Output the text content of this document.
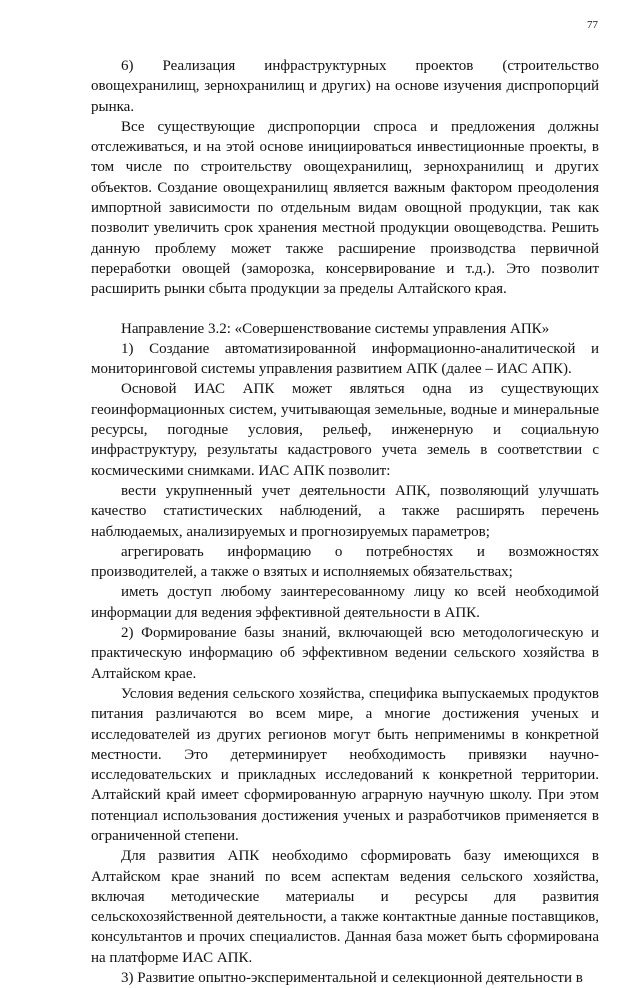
77

6) Реализация инфраструктурных проектов (строительство овощехранилищ, зернохранилищ и других) на основе изучения диспропорций рынка.

Все существующие диспропорции спроса и предложения должны отслеживаться, и на этой основе инициироваться инвестиционные проекты, в том числе по строительству овощехранилищ, зернохранилищ и других объектов. Создание овощехранилищ является важным фактором преодоления импортной зависимости по отдельным видам овощной продукции, так как позволит увеличить срок хранения местной продукции овощеводства. Решить данную проблему может также расширение производства первичной переработки овощей (заморозка, консервирование и т.д.). Это позволит расширить рынки сбыта продукции за пределы Алтайского края.

Направление 3.2: «Совершенствование системы управления АПК»

1) Создание автоматизированной информационно-аналитической и мониторинговой системы управления развитием АПК (далее – ИАС АПК).

Основой ИАС АПК может являться одна из существующих геоинформационных систем, учитывающая земельные, водные и минеральные ресурсы, погодные условия, рельеф, инженерную и социальную инфраструктуру, результаты кадастрового учета земель в соответствии с космическими снимками. ИАС АПК позволит:

вести укрупненный учет деятельности АПК, позволяющий улучшать качество статистических наблюдений, а также расширять перечень наблюдаемых, анализируемых и прогнозируемых параметров;

агрегировать информацию о потребностях и возможностях производителей, а также о взятых и исполняемых обязательствах;

иметь доступ любому заинтересованному лицу ко всей необходимой информации для ведения эффективной деятельности в АПК.

2) Формирование базы знаний, включающей всю методологическую и практическую информацию об эффективном ведении сельского хозяйства в Алтайском крае.

Условия ведения сельского хозяйства, специфика выпускаемых продуктов питания различаются во всем мире, а многие достижения ученых и исследователей из других регионов могут быть неприменимы в конкретной местности. Это детерминирует необходимость привязки научно-исследовательских и прикладных исследований к конкретной территории. Алтайский край имеет сформированную аграрную научную школу. При этом потенциал использования достижения ученых и разработчиков применяется в ограниченной степени.

Для развития АПК необходимо сформировать базу имеющихся в Алтайском крае знаний по всем аспектам ведения сельского хозяйства, включая методические материалы и ресурсы для развития сельскохозяйственной деятельности, а также контактные данные поставщиков, консультантов и прочих специалистов. Данная база может быть сформирована на платформе ИАС АПК.

3) Развитие опытно-экспериментальной и селекционной деятельности в
